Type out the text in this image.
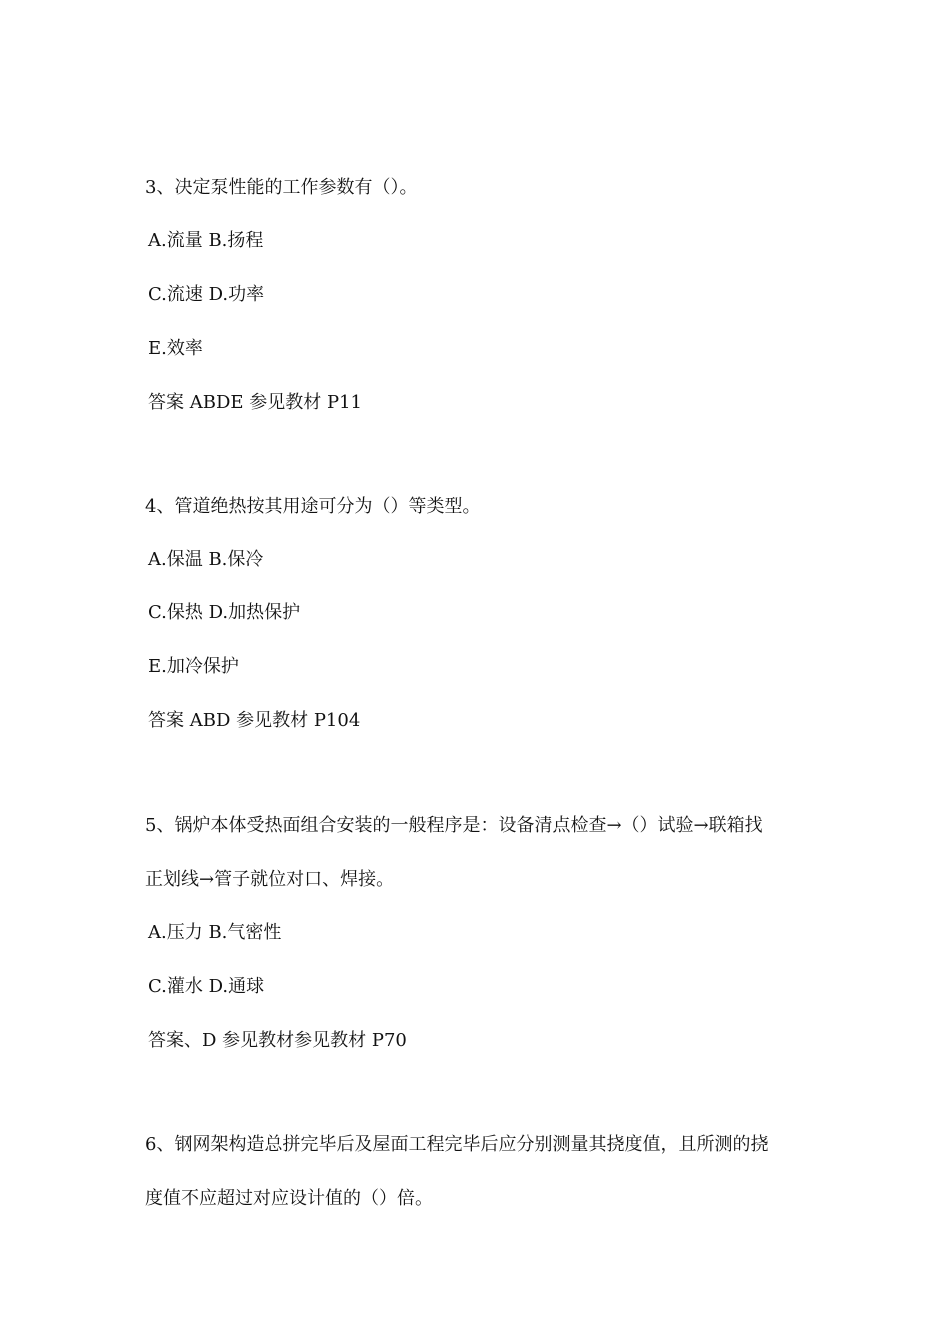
3、决定泵性能的工作参数有（）。
A.流量 B.扬程
C.流速 D.功率
E.效率
答案 ABDE 参见教材 P11
4、管道绝热按其用途可分为（）等类型。
A.保温 B.保冷
C.保热 D.加热保护
E.加冷保护
答案 ABD 参见教材 P104
5、锅炉本体受热面组合安装的一般程序是：设备清点检查→（）试验→联箱找
正划线→管子就位对口、焊接。
A.压力 B.气密性
C.灌水 D.通球
答案、D 参见教材参见教材 P70
6、钢网架构造总拼完毕后及屋面工程完毕后应分别测量其挠度值，且所测的挠
度值不应超过对应设计值的（）倍。
